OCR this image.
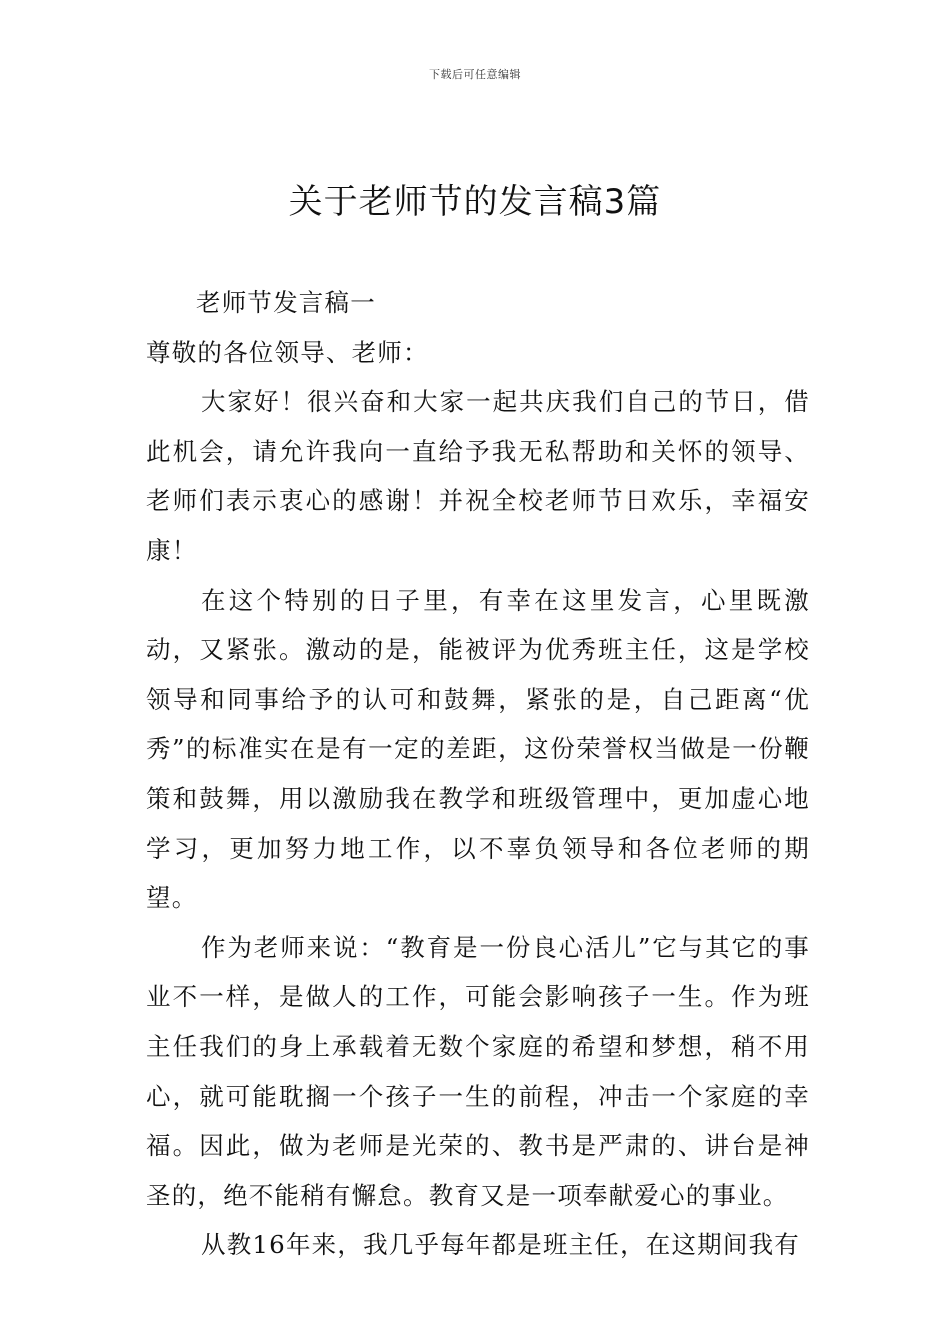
下载后可任意编辑
关于老师节的发言稿3篇

老师节发言稿一

尊敬的各位领导、老师：

大家好！很兴奋和大家一起共庆我们自己的节日，借此机会，请允许我向一直给予我无私帮助和关怀的领导、老师们表示衷心的感谢！并祝全校老师节日欢乐，幸福安康！

在这个特别的日子里，有幸在这里发言，心里既激动，又紧张。激动的是，能被评为优秀班主任，这是学校领导和同事给予的认可和鼓舞，紧张的是，自己距离“优秀”的标准实在是有一定的差距，这份荣誉权当做是一份鞭策和鼓舞，用以激励我在教学和班级管理中，更加虚心地学习，更加努力地工作，以不辜负领导和各位老师的期望。

作为老师来说：“教育是一份良心活儿”它与其它的事业不一样，是做人的工作，可能会影响孩子一生。作为班主任我们的身上承载着无数个家庭的希望和梦想，稍不用心，就可能耽搁一个孩子一生的前程，冲击一个家庭的幸福。因此，做为老师是光荣的、教书是严肃的、讲台是神圣的，绝不能稍有懈怠。教育又是一项奉献爱心的事业。

从教16年来，我几乎每年都是班主任，在这期间我有
